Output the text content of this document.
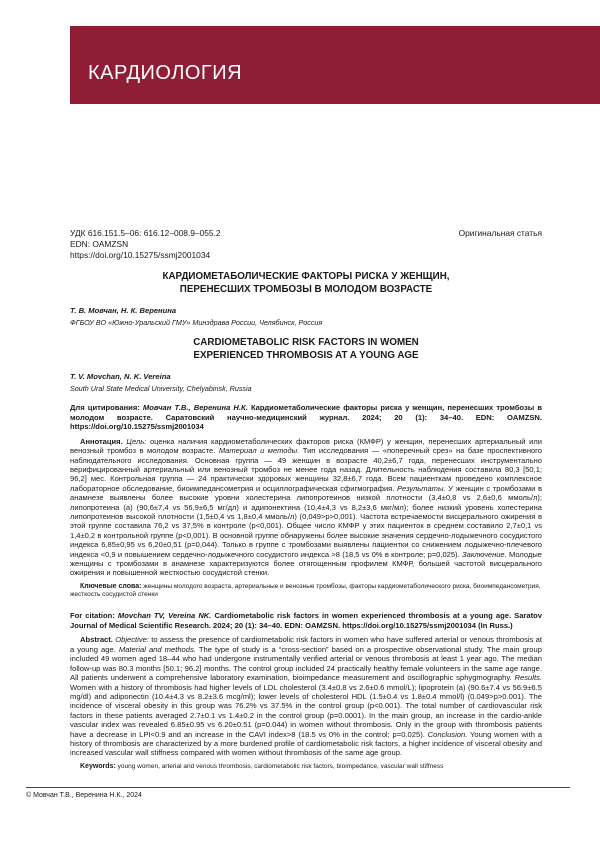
КАРДИОЛОГИЯ
УДК 616.151.5–06: 616.12–008.9–055.2
EDN: OAMZSN
https://doi.org/10.15275/ssmj2001034
Оригинальная статья
КАРДИОМЕТАБОЛИЧЕСКИЕ ФАКТОРЫ РИСКА У ЖЕНЩИН,
ПЕРЕНЕСШИХ ТРОМБОЗЫ В МОЛОДОМ ВОЗРАСТЕ
Т. В. Мовчан, Н. К. Веренина
ФГБОУ ВО «Южно-Уральский ГМУ» Минздрава России, Челябинск, Россия
CARDIOMETABOLIC RISK FACTORS IN WOMEN
EXPERIENCED THROMBOSIS AT A YOUNG AGE
T. V. Movchan, N. K. Vereina
South Ural State Medical University, Chelyabinsk, Russia
Для цитирования: Мовчан Т.В., Веренина Н.К. Кардиометаболические факторы риска у женщин, перенесших тромбозы в молодом возрасте. Саратовский научно-медицинский журнал. 2024; 20 (1): 34–40. EDN: OAMZSN. https://doi.org/10.15275/ssmj2001034

Аннотация. Цель: оценка наличия кардиометаболических факторов риска (КМФР) у женщин, перенесших артериальный или венозный тромбоз в молодом возрасте. Материал и методы. Тип исследования — «поперечный срез» на базе проспективного наблюдательного исследования. Основная группа — 49 женщин в возрасте 40,2±6,7 года, перенесших инструментально верифицированный артериальный или венозный тромбоз не менее года назад. Длительность наблюдения составила 80,3 [50,1; 96,2] мес. Контрольная группа — 24 практически здоровых женщины 32,8±6,7 года. Всем пациенткам проведено комплексное лабораторное обследование, биоимпедансометрия и осциллографическая сфигмография. Результаты. У женщин с тромбозами в анамнезе выявлены более высокие уровни холестерина липопротеинов низкой плотности (3,4±0,8 vs 2,6±0,6 ммоль/л); липопротеина (а) (90,6±7,4 vs 56,9±6,5 мг/дл) и адипонектина (10,4±4,3 vs 8,2±3,6 мкг/мл); более низкий уровень холестерина липопротеинов высокой плотности (1,5±0,4 vs 1,8±0,4 ммоль/л) (0,049>p>0,001). Частота встречаемости висцерального ожирения в этой группе составила 76,2 vs 37,5% в контроле (p<0,001). Общее число КМФР у этих пациенток в среднем составило 2,7±0,1 vs 1,4±0,2 в контрольной группе (p<0,001). В основной группе обнаружены более высокие значения сердечно-лодыжечного сосудистого индекса 6,85±0,95 vs 6,20±0,51 (p=0,044). Только в группе с тромбозами выявлены пациентки со снижением лодыжечно-плечевого индекса <0,9 и повышением сердечно-лодыжечного сосудистого индекса >8 (18,5 vs 0% в контроле; p=0,025). Заключение. Молодые женщины с тромбозами в анамнезе характеризуются более отягощенным профилем КМФР, большей частотой висцерального ожирения и повышенной жесткостью сосудистой стенки.

Ключевые слова: женщины молодого возраста, артериальные и венозные тромбозы, факторы кардиометаболического риска, биоимпедансометрия, жесткость сосудистой стенки

For citation: Movchan TV, Vereina NK. Cardiometabolic risk factors in women experienced thrombosis at a young age. Saratov Journal of Medical Scientific Research. 2024; 20 (1): 34–40. EDN: OAMZSN. https://doi.org/10.15275/ssmj2001034 (In Russ.)

Abstract. Objective: to assess the presence of cardiometabolic risk factors in women who have suffered arterial or venous thrombosis at a young age. Material and methods. The type of study is a “cross-section” based on a prospective observational study. The main group included 49 women aged 18–44 who had undergone instrumentally verified arterial or venous thrombosis at least 1 year ago. The median follow-up was 80.3 months [50.1; 96.2] months. The control group included 24 practically healthy female volunteers in the same age range. All patients underwent a comprehensive laboratory examination, bioimpedance measurement and oscillographic sphygmography. Results. Women with a history of thrombosis had higher levels of LDL cholesterol (3.4±0.8 vs 2.6±0.6 mmol/L); lipoprotein (a) (90.6±7.4 vs 56.9±6.5 mg/dl) and adiponectin (10.4±4.3 vs 8.2±3.6 mcg/ml); lower levels of cholesterol HDL (1.5±0.4 vs 1.8±0.4 mmol/l) (0.049>p>0.001). The incidence of visceral obesity in this group was 76.2% vs 37.5% in the control group (p<0.001). The total number of cardiovascular risk factors in these patients averaged 2.7±0.1 vs 1.4±0.2 in the control group (p=0.0001). In the main group, an increase in the cardio-ankle vascular index was revealed 6.85±0.95 vs 6.20±0.51 (p=0.044) in women without thrombosis. Only in the group with thrombosis patients have a decrease in LPI<0.9 and an increase in the CAVI index>8 (18.5 vs 0% in the control; p=0.025). Conclusion. Young women with a history of thrombosis are characterized by a more burdened profile of cardiometabolic risk factors, a higher incidence of visceral obesity and increased vascular wall stiffness compared with women without thrombosis of the same age group.

Keywords: young women, arterial and venous thrombosis, cardiometabolic risk factors, bioimpedance, vascular wall stiffness

© Мовчан Т.В., Веренина Н.К., 2024
